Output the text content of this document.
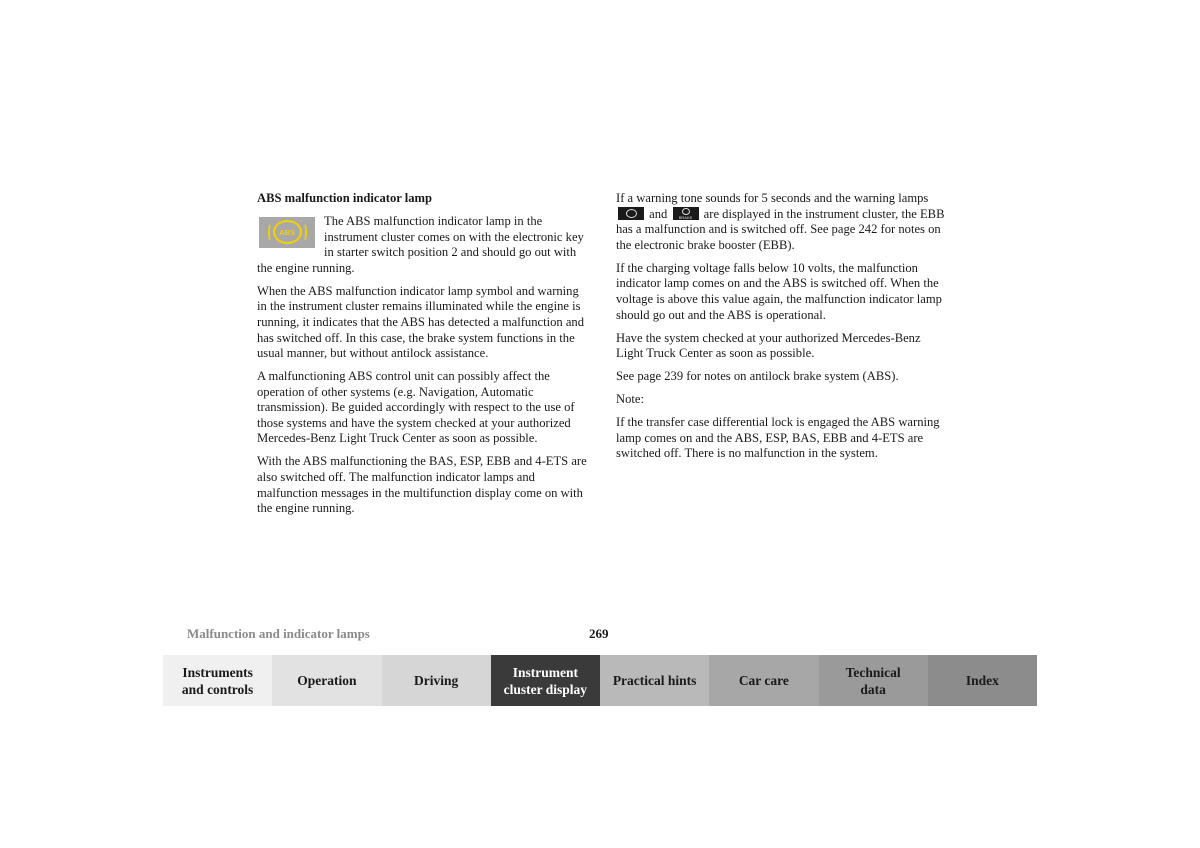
ABS malfunction indicator lamp

ABS

The ABS malfunction indicator lamp in the instrument cluster comes on with the electronic key in starter switch position 2 and should go out with the engine running.

When the ABS malfunction indicator lamp symbol and warning in the instrument cluster remains illuminated while the engine is running, it indicates that the ABS has detected a malfunction and has switched off. In this case, the brake system functions in the usual manner, but without antilock assistance.

A malfunctioning ABS control unit can possibly affect the operation of other systems (e.g. Navigation, Automatic transmission). Be guided accordingly with respect to the use of those systems and have the system checked at your authorized Mercedes-Benz Light Truck Center as soon as possible.

With the ABS malfunctioning the BAS, ESP, EBB and 4-ETS are also switched off. The malfunction indicator lamps and malfunction messages in the multifunction display come on with the engine running.

If a warning tone sounds for 5 seconds and the warning lamps
and	BRAKE are displayed in the instrument cluster, the EBB has a malfunction and is switched off. See page 242 for notes on the electronic brake booster (EBB).

If the charging voltage falls below 10 volts, the malfunction indicator lamp comes on and the ABS is switched off. When the voltage is above this value again, the malfunction indicator lamp should go out and the ABS is operational.

Have the system checked at your authorized Mercedes-Benz Light Truck Center as soon as possible.

See page 239 for notes on antilock brake system (ABS).

Note:

If the transfer case differential lock is engaged the ABS warning lamp comes on and the ABS, ESP, BAS, EBB and 4-ETS are switched off. There is no malfunction in the system.

Malfunction and indicator lamps	269
Instruments
and controls
Operation	Driving
Instrument
cluster display
Practical hints	Car care
Technical
data
Index
